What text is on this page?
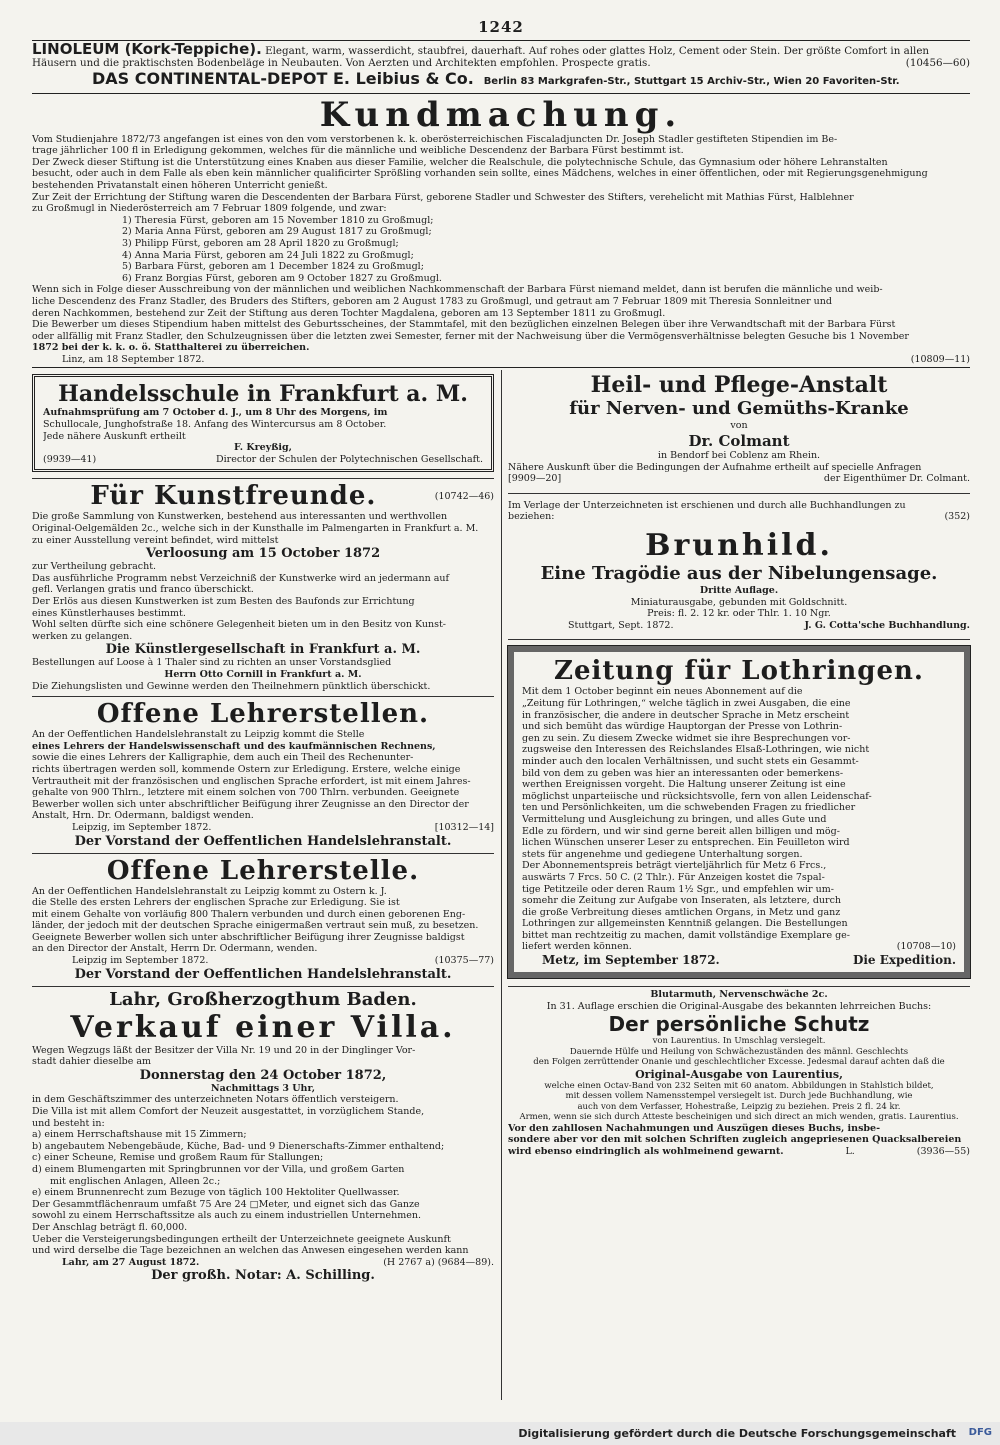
1242
LINOLEUM (Kork-Teppiche). Elegant, warm, wasserdicht, staubfrei, dauerhaft. Auf rohes oder glattes Holz, Cement oder Stein. Der größte Comfort in allen
Häusern und die praktischsten Bodenbeläge in Neubauten. Von Aerzten und Architekten empfohlen. Prospecte gratis.	(10456—60)
DAS CONTINENTAL-DEPOT E. Leibius & Co. Berlin 83 Markgrafen-Str., Stuttgart 15 Archiv-Str., Wien 20 Favoriten-Str.
Kundmachung.
Vom Studienjahre 1872/73 angefangen ist eines von den vom verstorbenen k. k. oberösterreichischen Fiscaladjuncten Dr. Joseph Stadler gestifteten Stipendien im Be-
trage jährlicher 100 fl in Erledigung gekommen, welches für die männliche und weibliche Descendenz der Barbara Fürst bestimmt ist.
Der Zweck dieser Stiftung ist die Unterstützung eines Knaben aus dieser Familie, welcher die Realschule, die polytechnische Schule, das Gymnasium oder höhere Lehranstalten
besucht, oder auch in dem Falle als eben kein männlicher qualificirter Sprößling vorhanden sein sollte, eines Mädchens, welches in einer öffentlichen, oder mit Regierungsgenehmigung
bestehenden Privatanstalt einen höheren Unterricht genießt.
Zur Zeit der Errichtung der Stiftung waren die Descendenten der Barbara Fürst, geborene Stadler und Schwester des Stifters, verehelicht mit Mathias Fürst, Halblehner
zu Großmugl in Niederösterreich am 7 Februar 1809 folgende, und zwar:
1) Theresia Fürst, geboren am 15 November 1810 zu Großmugl;
2) Maria Anna Fürst, geboren am 29 August 1817 zu Großmugl;
3) Philipp Fürst, geboren am 28 April 1820 zu Großmugl;
4) Anna Maria Fürst, geboren am 24 Juli 1822 zu Großmugl;
5) Barbara Fürst, geboren am 1 December 1824 zu Großmugl;
6) Franz Borgias Fürst, geboren am 9 October 1827 zu Großmugl.
Wenn sich in Folge dieser Ausschreibung von der männlichen und weiblichen Nachkommenschaft der Barbara Fürst niemand meldet, dann ist berufen die männliche und weib-
liche Descendenz des Franz Stadler, des Bruders des Stifters, geboren am 2 August 1783 zu Großmugl, und getraut am 7 Februar 1809 mit Theresia Sonnleitner und
deren Nachkommen, bestehend zur Zeit der Stiftung aus deren Tochter Magdalena, geboren am 13 September 1811 zu Großmugl.
Die Bewerber um dieses Stipendium haben mittelst des Geburtsscheines, der Stammtafel, mit den bezüglichen einzelnen Belegen über ihre Verwandtschaft mit der Barbara Fürst
oder allfällig mit Franz Stadler, den Schulzeugnissen über die letzten zwei Semester, ferner mit der Nachweisung über die Vermögensverhältnisse belegten Gesuche bis 1 November
1872 bei der k. k. o. ö. Statthalterei zu überreichen.
Linz, am 18 September 1872.	(10809—11)
Handelsschule in Frankfurt a. M.
Aufnahmsprüfung am 7 October d. J., um 8 Uhr des Morgens, im
Schullocale, Junghofstraße 18. Anfang des Wintercursus am 8 October.
Jede nähere Auskunft ertheilt
F. Kreyßig,
(9939—41)	Director der Schulen der Polytechnischen Gesellschaft.
Für Kunstfreunde.	(10742—46)
Die große Sammlung von Kunstwerken, bestehend aus interessanten und werthvollen
Original-Oelgemälden 2c., welche sich in der Kunsthalle im Palmengarten in Frankfurt a. M.
zu einer Ausstellung vereint befindet, wird mittelst
Verloosung am 15 October 1872
zur Vertheilung gebracht.
Das ausführliche Programm nebst Verzeichniß der Kunstwerke wird an jedermann auf
gefl. Verlangen gratis und franco überschickt.
Der Erlös aus diesen Kunstwerken ist zum Besten des Baufonds zur Errichtung
eines Künstlerhauses bestimmt.
Wohl selten dürfte sich eine schönere Gelegenheit bieten um in den Besitz von Kunst-
werken zu gelangen.
Die Künstlergesellschaft in Frankfurt a. M.
Bestellungen auf Loose à 1 Thaler sind zu richten an unser Vorstandsglied
Herrn Otto Cornill in Frankfurt a. M.
Die Ziehungslisten und Gewinne werden den Theilnehmern pünktlich überschickt.
Offene Lehrerstellen.
An der Oeffentlichen Handelslehranstalt zu Leipzig kommt die Stelle
eines Lehrers der Handelswissenschaft und des kaufmännischen Rechnens,
sowie die eines Lehrers der Kalligraphie, dem auch ein Theil des Rechenunter-
richts übertragen werden soll, kommende Ostern zur Erledigung. Erstere, welche einige
Vertrautheit mit der französischen und englischen Sprache erfordert, ist mit einem Jahres-
gehalte von 900 Thlrn., letztere mit einem solchen von 700 Thlrn. verbunden. Geeignete
Bewerber wollen sich unter abschriftlicher Beifügung ihrer Zeugnisse an den Director der
Anstalt, Hrn. Dr. Odermann, baldigst wenden.
Leipzig, im September 1872.	[10312—14]
Der Vorstand der Oeffentlichen Handelslehranstalt.
Offene Lehrerstelle.
An der Oeffentlichen Handelslehranstalt zu Leipzig kommt zu Ostern k. J.
die Stelle des ersten Lehrers der englischen Sprache zur Erledigung. Sie ist
mit einem Gehalte von vorläufig 800 Thalern verbunden und durch einen geborenen Eng-
länder, der jedoch mit der deutschen Sprache einigermaßen vertraut sein muß, zu besetzen.
Geeignete Bewerber wollen sich unter abschriftlicher Beifügung ihrer Zeugnisse baldigst
an den Director der Anstalt, Herrn Dr. Odermann, wenden.
Leipzig im September 1872.	(10375—77)
Der Vorstand der Oeffentlichen Handelslehranstalt.
Lahr, Großherzogthum Baden.
Verkauf einer Villa.
Wegen Wegzugs läßt der Besitzer der Villa Nr. 19 und 20 in der Dinglinger Vor-
stadt dahier dieselbe am
Donnerstag den 24 October 1872,
Nachmittags 3 Uhr,
in dem Geschäftszimmer des unterzeichneten Notars öffentlich versteigern.
Die Villa ist mit allem Comfort der Neuzeit ausgestattet, in vorzüglichem Stande,
und besteht in:
a) einem Herrschaftshause mit 15 Zimmern;
b) angebautem Nebengebäude, Küche, Bad- und 9 Dienerschafts-Zimmer enthaltend;
c) einer Scheune, Remise und großem Raum für Stallungen;
d) einem Blumengarten mit Springbrunnen vor der Villa, und großem Garten
mit englischen Anlagen, Alleen 2c.;
e) einem Brunnenrecht zum Bezuge von täglich 100 Hektoliter Quellwasser.
Der Gesammtflächenraum umfaßt 75 Are 24 □Meter, und eignet sich das Ganze
sowohl zu einem Herrschaftssitze als auch zu einem industriellen Unternehmen.
Der Anschlag beträgt fl. 60,000.
Ueber die Versteigerungsbedingungen ertheilt der Unterzeichnete geeignete Auskunft
und wird derselbe die Tage bezeichnen an welchen das Anwesen eingesehen werden kann
Lahr, am 27 August 1872.	(H 2767 a) (9684—89).
Der großh. Notar: A. Schilling.
Heil- und Pflege-Anstalt
für Nerven- und Gemüths-Kranke
von
Dr. Colmant
in Bendorf bei Coblenz am Rhein.
Nähere Auskunft über die Bedingungen der Aufnahme ertheilt auf specielle Anfragen
[9909—20]	der Eigenthümer Dr. Colmant.
Im Verlage der Unterzeichneten ist erschienen und durch alle Buchhandlungen zu
beziehen:	(352)
Brunhild.
Eine Tragödie aus der Nibelungensage.
Dritte Auflage.
Miniaturausgabe, gebunden mit Goldschnitt.
Preis: fl. 2. 12 kr. oder Thlr. 1. 10 Ngr.
Stuttgart, Sept. 1872.	J. G. Cotta'sche Buchhandlung.
Zeitung für Lothringen.
Mit dem 1 October beginnt ein neues Abonnement auf die
„Zeitung für Lothringen,“ welche täglich in zwei Ausgaben, die eine
in französischer, die andere in deutscher Sprache in Metz erscheint
und sich bemüht das würdige Hauptorgan der Presse von Lothrin-
gen zu sein. Zu diesem Zwecke widmet sie ihre Besprechungen vor-
zugsweise den Interessen des Reichslandes Elsaß-Lothringen, wie nicht
minder auch den localen Verhältnissen, und sucht stets ein Gesammt-
bild von dem zu geben was hier an interessanten oder bemerkens-
werthen Ereignissen vorgeht. Die Haltung unserer Zeitung ist eine
möglichst unparteiische und rücksichtsvolle, fern von allen Leidenschaf-
ten und Persönlichkeiten, um die schwebenden Fragen zu friedlicher
Vermittelung und Ausgleichung zu bringen, und alles Gute und
Edle zu fördern, und wir sind gerne bereit allen billigen und mög-
lichen Wünschen unserer Leser zu entsprechen. Ein Feuilleton wird
stets für angenehme und gediegene Unterhaltung sorgen.
Der Abonnementspreis beträgt vierteljährlich für Metz 6 Frcs.,
auswärts 7 Frcs. 50 C. (2 Thlr.). Für Anzeigen kostet die 7spal-
tige Petitzeile oder deren Raum 1½ Sgr., und empfehlen wir um-
somehr die Zeitung zur Aufgabe von Inseraten, als letztere, durch
die große Verbreitung dieses amtlichen Organs, in Metz und ganz
Lothringen zur allgemeinsten Kenntniß gelangen. Die Bestellungen
bittet man rechtzeitig zu machen, damit vollständige Exemplare ge-
liefert werden können.	(10708—10)
Metz, im September 1872.	Die Expedition.
Blutarmuth, Nervenschwäche 2c.
In 31. Auflage erschien die Original-Ausgabe des bekannten lehrreichen Buchs:
Der persönliche Schutz
von Laurentius. In Umschlag versiegelt.
Dauernde Hülfe und Heilung von Schwächezuständen des männl. Geschlechts
den Folgen zerrüttender Onanie und geschlechtlicher Excesse. Jedesmal darauf achten daß die
Original-Ausgabe von Laurentius,
welche einen Octav-Band von 232 Seiten mit 60 anatom. Abbildungen in Stahlstich bildet,
mit dessen vollem Namensstempel versiegelt ist. Durch jede Buchhandlung, wie
auch von dem Verfasser, Hohestraße, Leipzig zu beziehen. Preis 2 fl. 24 kr.
Armen, wenn sie sich durch Atteste bescheinigen und sich direct an mich wenden, gratis. Laurentius.
Vor den zahllosen Nachahmungen und Auszügen dieses Buchs, insbe-
sondere aber vor den mit solchen Schriften zugleich angepriesenen Quacksalbereien
wird ebenso eindringlich als wohlmeinend gewarnt.	L.	(3936—55)
Digitalisierung gefördert durch die Deutsche Forschungsgemeinschaft DFG
